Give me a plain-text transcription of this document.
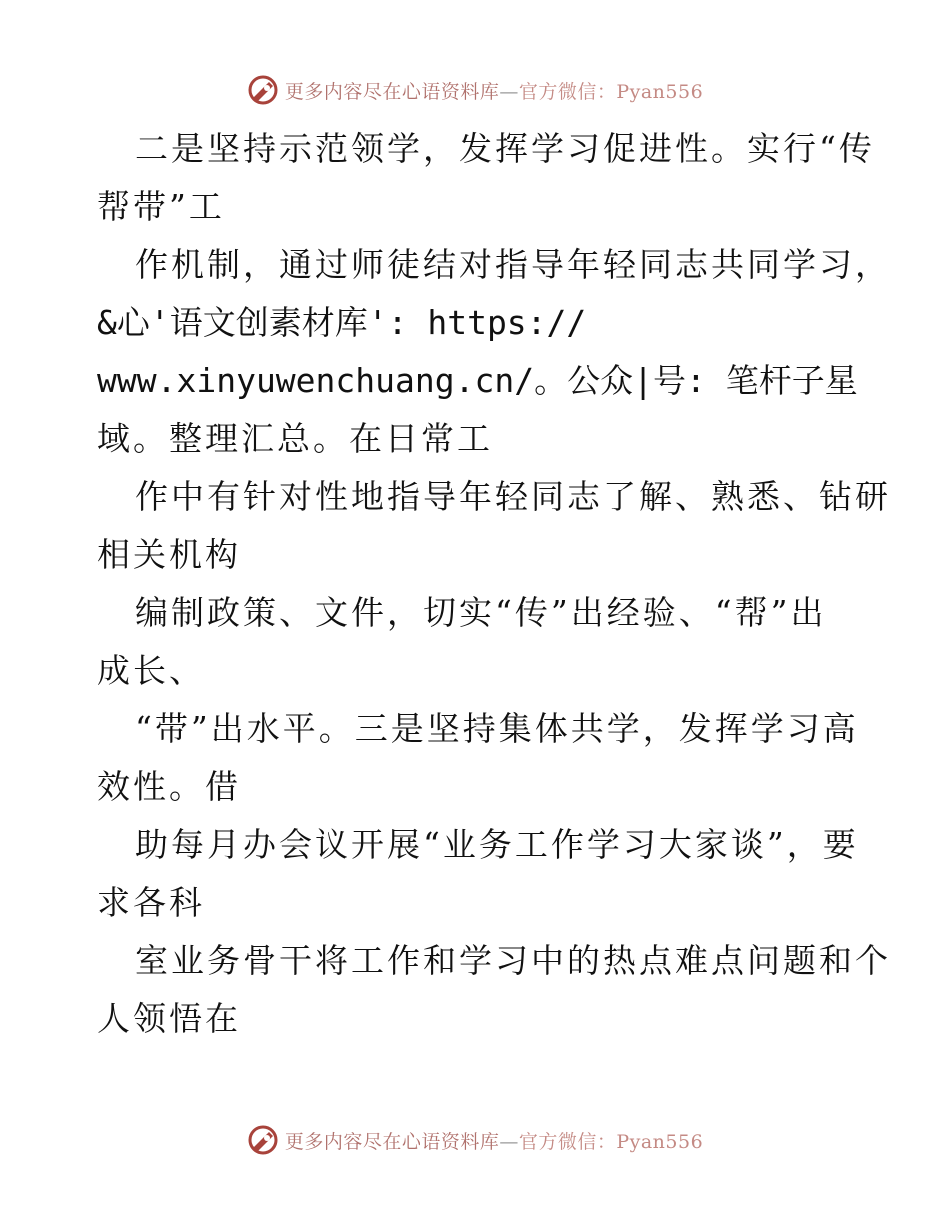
更多内容尽在心语资料库—官方微信：Pyan556
二是坚持示范领学，发挥学习促进性。实行“传
帮带”工
作机制，通过师徒结对指导年轻同志共同学习，
&心'语文创素材库': https://
www.xinyuwenchuang.cn/。公众|号: 笔杆子星
域。整理汇总。在日常工
作中有针对性地指导年轻同志了解、熟悉、钻研
相关机构
编制政策、文件，切实“传”出经验、“帮”出
成长、
“带”出水平。三是坚持集体共学，发挥学习高
效性。借
助每月办会议开展“业务工作学习大家谈”，要
求各科
室业务骨干将工作和学习中的热点难点问题和个
人领悟在
更多内容尽在心语资料库—官方微信：Pyan556
